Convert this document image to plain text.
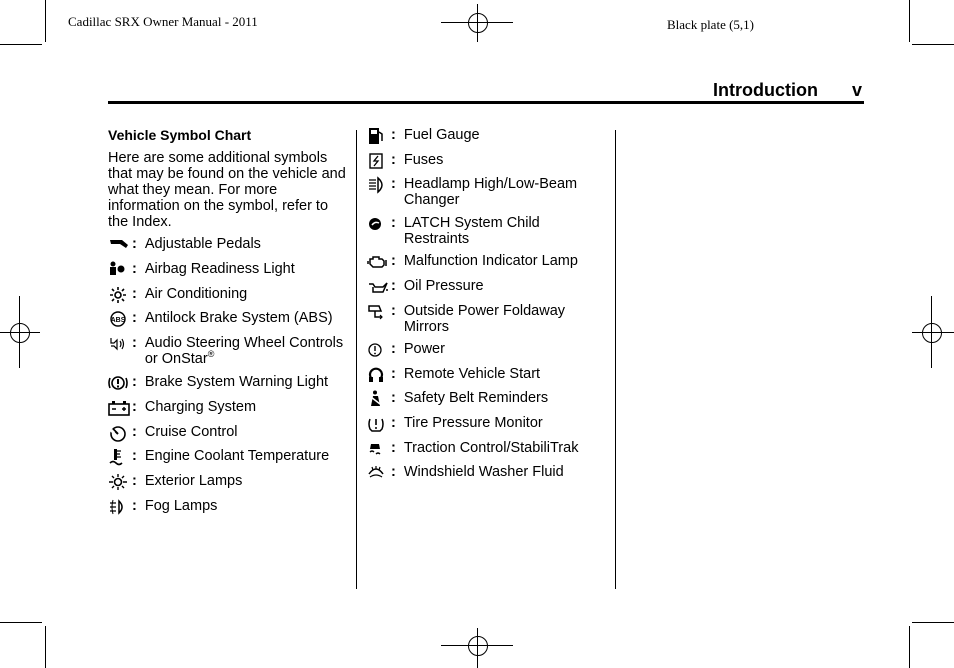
Cadillac SRX Owner Manual - 2011	Black plate (5,1)
Introduction v
Vehicle Symbol Chart

Here are some additional symbols that may be found on the vehicle and what they mean. For more information on the symbol, refer to the Index.

: Adjustable Pedals
: Airbag Readiness Light
: Air Conditioning
ABS : Antilock Brake System (ABS)
: Audio Steering Wheel Controls or OnStar®
: Brake System Warning Light
: Charging System
: Cruise Control
: Engine Coolant Temperature
: Exterior Lamps
: Fog Lamps
: Fuel Gauge
: Fuses
: Headlamp High/Low-Beam Changer
: LATCH System Child Restraints
: Malfunction Indicator Lamp
: Oil Pressure
: Outside Power Foldaway Mirrors
: Power
: Remote Vehicle Start
: Safety Belt Reminders
: Tire Pressure Monitor
: Traction Control/StabiliTrak
: Windshield Washer Fluid
